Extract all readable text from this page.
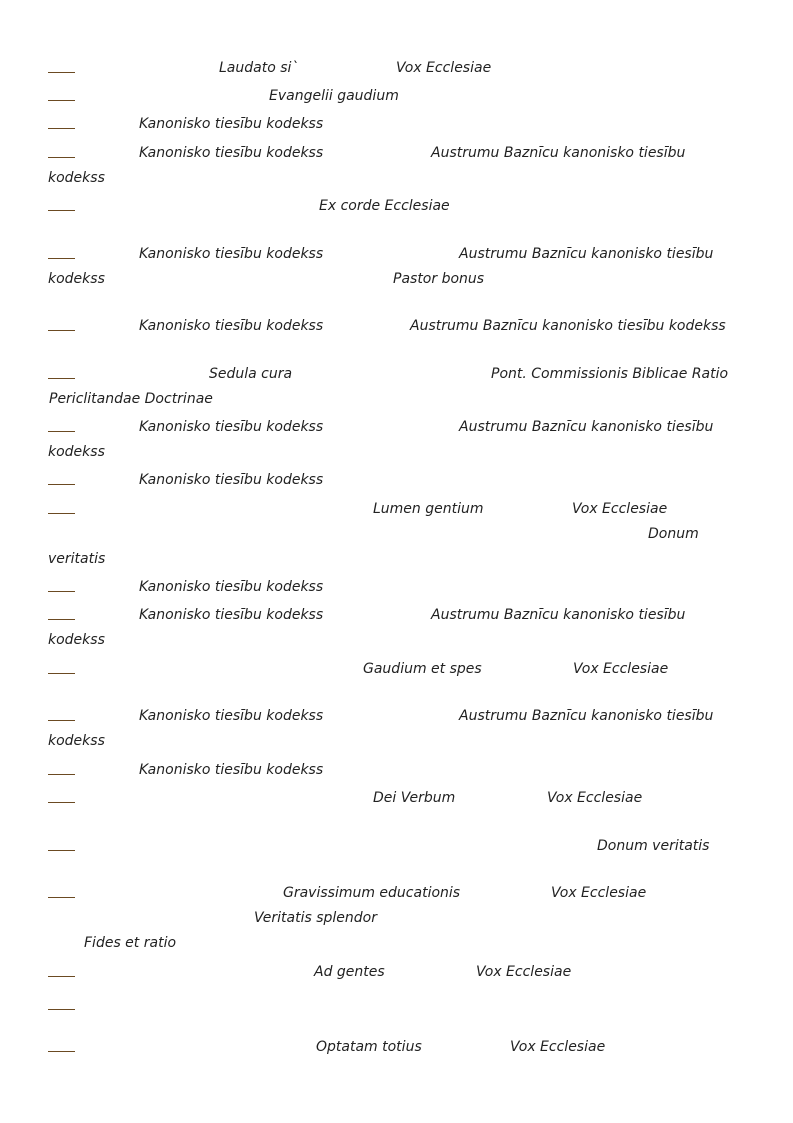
Laudato si`	Vox Ecclesiae
Evangelii gaudium
Kanonisko tiesību kodekss
Kanonisko tiesību kodekss	Austrumu Baznīcu kanonisko tiesību
kodekss
Ex corde Ecclesiae
Kanonisko tiesību kodekss	Austrumu Baznīcu kanonisko tiesību
kodekss	Pastor bonus
Kanonisko tiesību kodekss	Austrumu Baznīcu kanonisko tiesību kodekss
Sedula cura	Pont. Commissionis Biblicae Ratio
Periclitandae Doctrinae
Kanonisko tiesību kodekss	Austrumu Baznīcu kanonisko tiesību
kodekss
Kanonisko tiesību kodekss
Lumen gentium	Vox Ecclesiae
Donum
veritatis
Kanonisko tiesību kodekss
Kanonisko tiesību kodekss	Austrumu Baznīcu kanonisko tiesību
kodekss
Gaudium et spes	Vox Ecclesiae
Kanonisko tiesību kodekss	Austrumu Baznīcu kanonisko tiesību
kodekss
Kanonisko tiesību kodekss
Dei Verbum	Vox Ecclesiae
Donum veritatis
Gravissimum educationis	Vox Ecclesiae
Veritatis splendor
Fides et ratio
Ad gentes	Vox Ecclesiae
Optatam totius	Vox Ecclesiae
